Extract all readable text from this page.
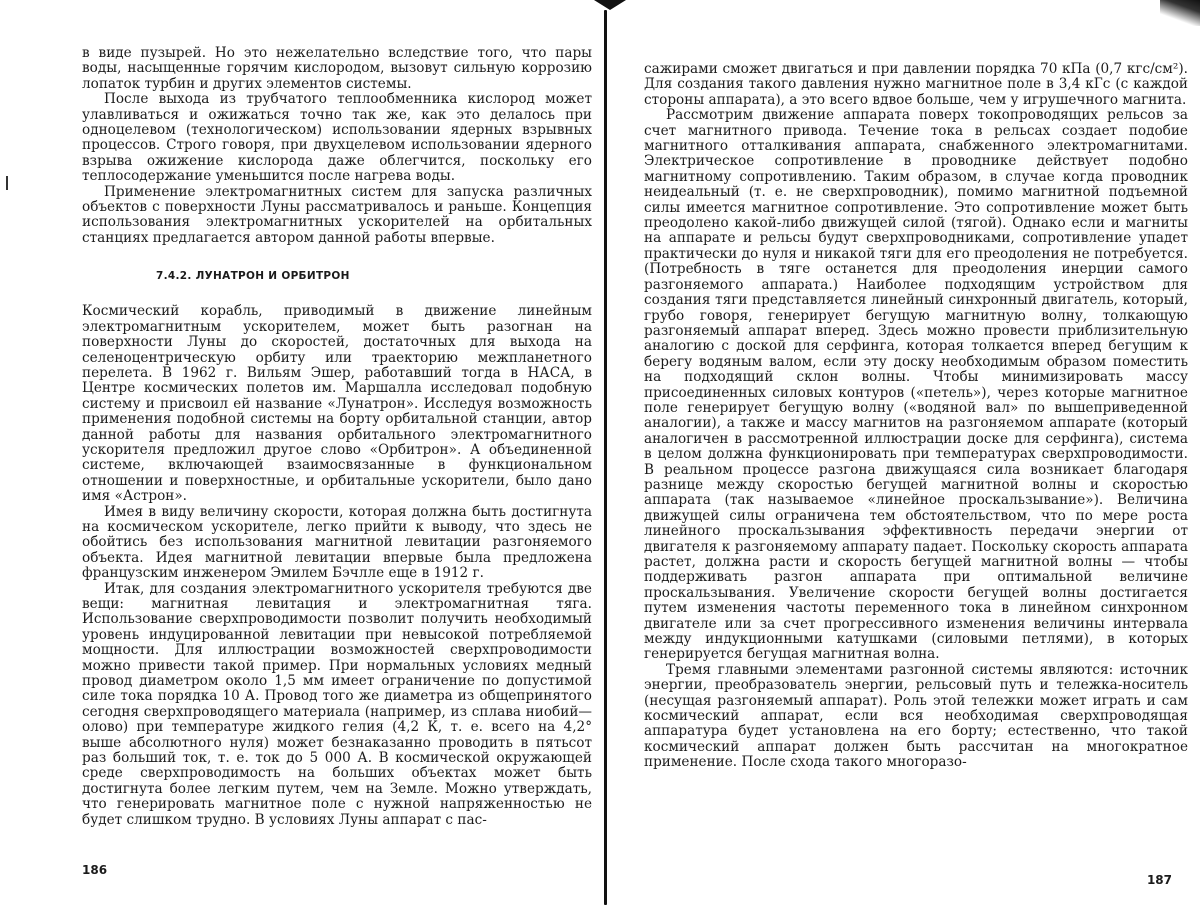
в виде пузырей. Но это нежелательно вследствие того, что пары воды, насыщенные горячим кислородом, вызовут сильную коррозию лопаток турбин и других элементов системы.

После выхода из трубчатого теплообменника кислород может улавливаться и ожижаться точно так же, как это делалось при одноцелевом (технологическом) использовании ядерных взрывных процессов. Строго говоря, при двухцелевом использовании ядерного взрыва ожижение кислорода даже облегчится, поскольку его теплосодержание уменьшится после нагрева воды.

Применение электромагнитных систем для запуска различных объектов с поверхности Луны рассматривалось и раньше. Концепция использования электромагнитных ускорителей на орбитальных станциях предлагается автором данной работы впервые.

7.4.2. ЛУНАТРОН И ОРБИТРОН

Космический корабль, приводимый в движение линейным электромагнитным ускорителем, может быть разогнан на поверхности Луны до скоростей, достаточных для выхода на селеноцентрическую орбиту или траекторию межпланетного перелета. В 1962 г. Вильям Эшер, работавший тогда в НАСА, в Центре космических полетов им. Маршалла исследовал подобную систему и присвоил ей название «Лунатрон». Исследуя возможность применения подобной системы на борту орбитальной станции, автор данной работы для названия орбитального электромагнитного ускорителя предложил другое слово «Орбитрон». А объединенной системе, включающей взаимосвязанные в функциональном отношении и поверхностные, и орбитальные ускорители, было дано имя «Астрон».

Имея в виду величину скорости, которая должна быть достигнута на космическом ускорителе, легко прийти к выводу, что здесь не обойтись без использования магнитной левитации разгоняемого объекта. Идея магнитной левитации впервые была предложена французским инженером Эмилем Бэчлле еще в 1912 г.

Итак, для создания электромагнитного ускорителя требуются две вещи: магнитная левитация и электромагнитная тяга. Использование сверхпроводимости позволит получить необходимый уровень индуцированной левитации при невысокой потребляемой мощности. Для иллюстрации возможностей сверхпроводимости можно привести такой пример. При нормальных условиях медный провод диаметром около 1,5 мм имеет ограничение по допустимой силе тока порядка 10 А. Провод того же диаметра из общепринятого сегодня сверхпроводящего материала (например, из сплава ниобий—олово) при температуре жидкого гелия (4,2 К, т. е. всего на 4,2° выше абсолютного нуля) может безнаказанно проводить в пятьсот раз больший ток, т. е. ток до 5 000 А. В космической окружающей среде сверхпроводимость на больших объектах может быть достигнута более легким путем, чем на Земле. Можно утверждать, что генерировать магнитное поле с нужной напряженностью не будет слишком трудно. В условиях Луны аппарат с пас-

186

сажирами сможет двигаться и при давлении порядка 70 кПа (0,7 кгс/см²). Для создания такого давления нужно магнитное поле в 3,4 кГс (с каждой стороны аппарата), а это всего вдвое больше, чем у игрушечного магнита.

Рассмотрим движение аппарата поверх токопроводящих рельсов за счет магнитного привода. Течение тока в рельсах создает подобие магнитного отталкивания аппарата, снабженного электромагнитами. Электрическое сопротивление в проводнике действует подобно магнитному сопротивлению. Таким образом, в случае когда проводник неидеальный (т. е. не сверхпроводник), помимо магнитной подъемной силы имеется магнитное сопротивление. Это сопротивление может быть преодолено какой-либо движущей силой (тягой). Однако если и магниты на аппарате и рельсы будут сверхпроводниками, сопротивление упадет практически до нуля и никакой тяги для его преодоления не потребуется. (Потребность в тяге останется для преодоления инерции самого разгоняемого аппарата.) Наиболее подходящим устройством для создания тяги представляется линейный синхронный двигатель, который, грубо говоря, генерирует бегущую магнитную волну, толкающую разгоняемый аппарат вперед. Здесь можно провести приблизительную аналогию с доской для серфинга, которая толкается вперед бегущим к берегу водяным валом, если эту доску необходимым образом поместить на подходящий склон волны. Чтобы минимизировать массу присоединенных силовых контуров («петель»), через которые магнитное поле генерирует бегущую волну («водяной вал» по вышеприведенной аналогии), а также и массу магнитов на разгоняемом аппарате (который аналогичен в рассмотренной иллюстрации доске для серфинга), система в целом должна функционировать при температурах сверхпроводимости. В реальном процессе разгона движущаяся сила возникает благодаря разнице между скоростью бегущей магнитной волны и скоростью аппарата (так называемое «линейное проскальзывание»). Величина движущей силы ограничена тем обстоятельством, что по мере роста линейного проскальзывания эффективность передачи энергии от двигателя к разгоняемому аппарату падает. Поскольку скорость аппарата растет, должна расти и скорость бегущей магнитной волны — чтобы поддерживать разгон аппарата при оптимальной величине проскальзывания. Увеличение скорости бегущей волны достигается путем изменения частоты переменного тока в линейном синхронном двигателе или за счет прогрессивного изменения величины интервала между индукционными катушками (силовыми петлями), в которых генерируется бегущая магнитная волна.

Тремя главными элементами разгонной системы являются: источник энергии, преобразователь энергии, рельсовый путь и тележка-носитель (несущая разгоняемый аппарат). Роль этой тележки может играть и сам космический аппарат, если вся необходимая сверхпроводящая аппаратура будет установлена на его борту; естественно, что такой космический аппарат должен быть рассчитан на многократное применение. После схода такого многоразо-

187
